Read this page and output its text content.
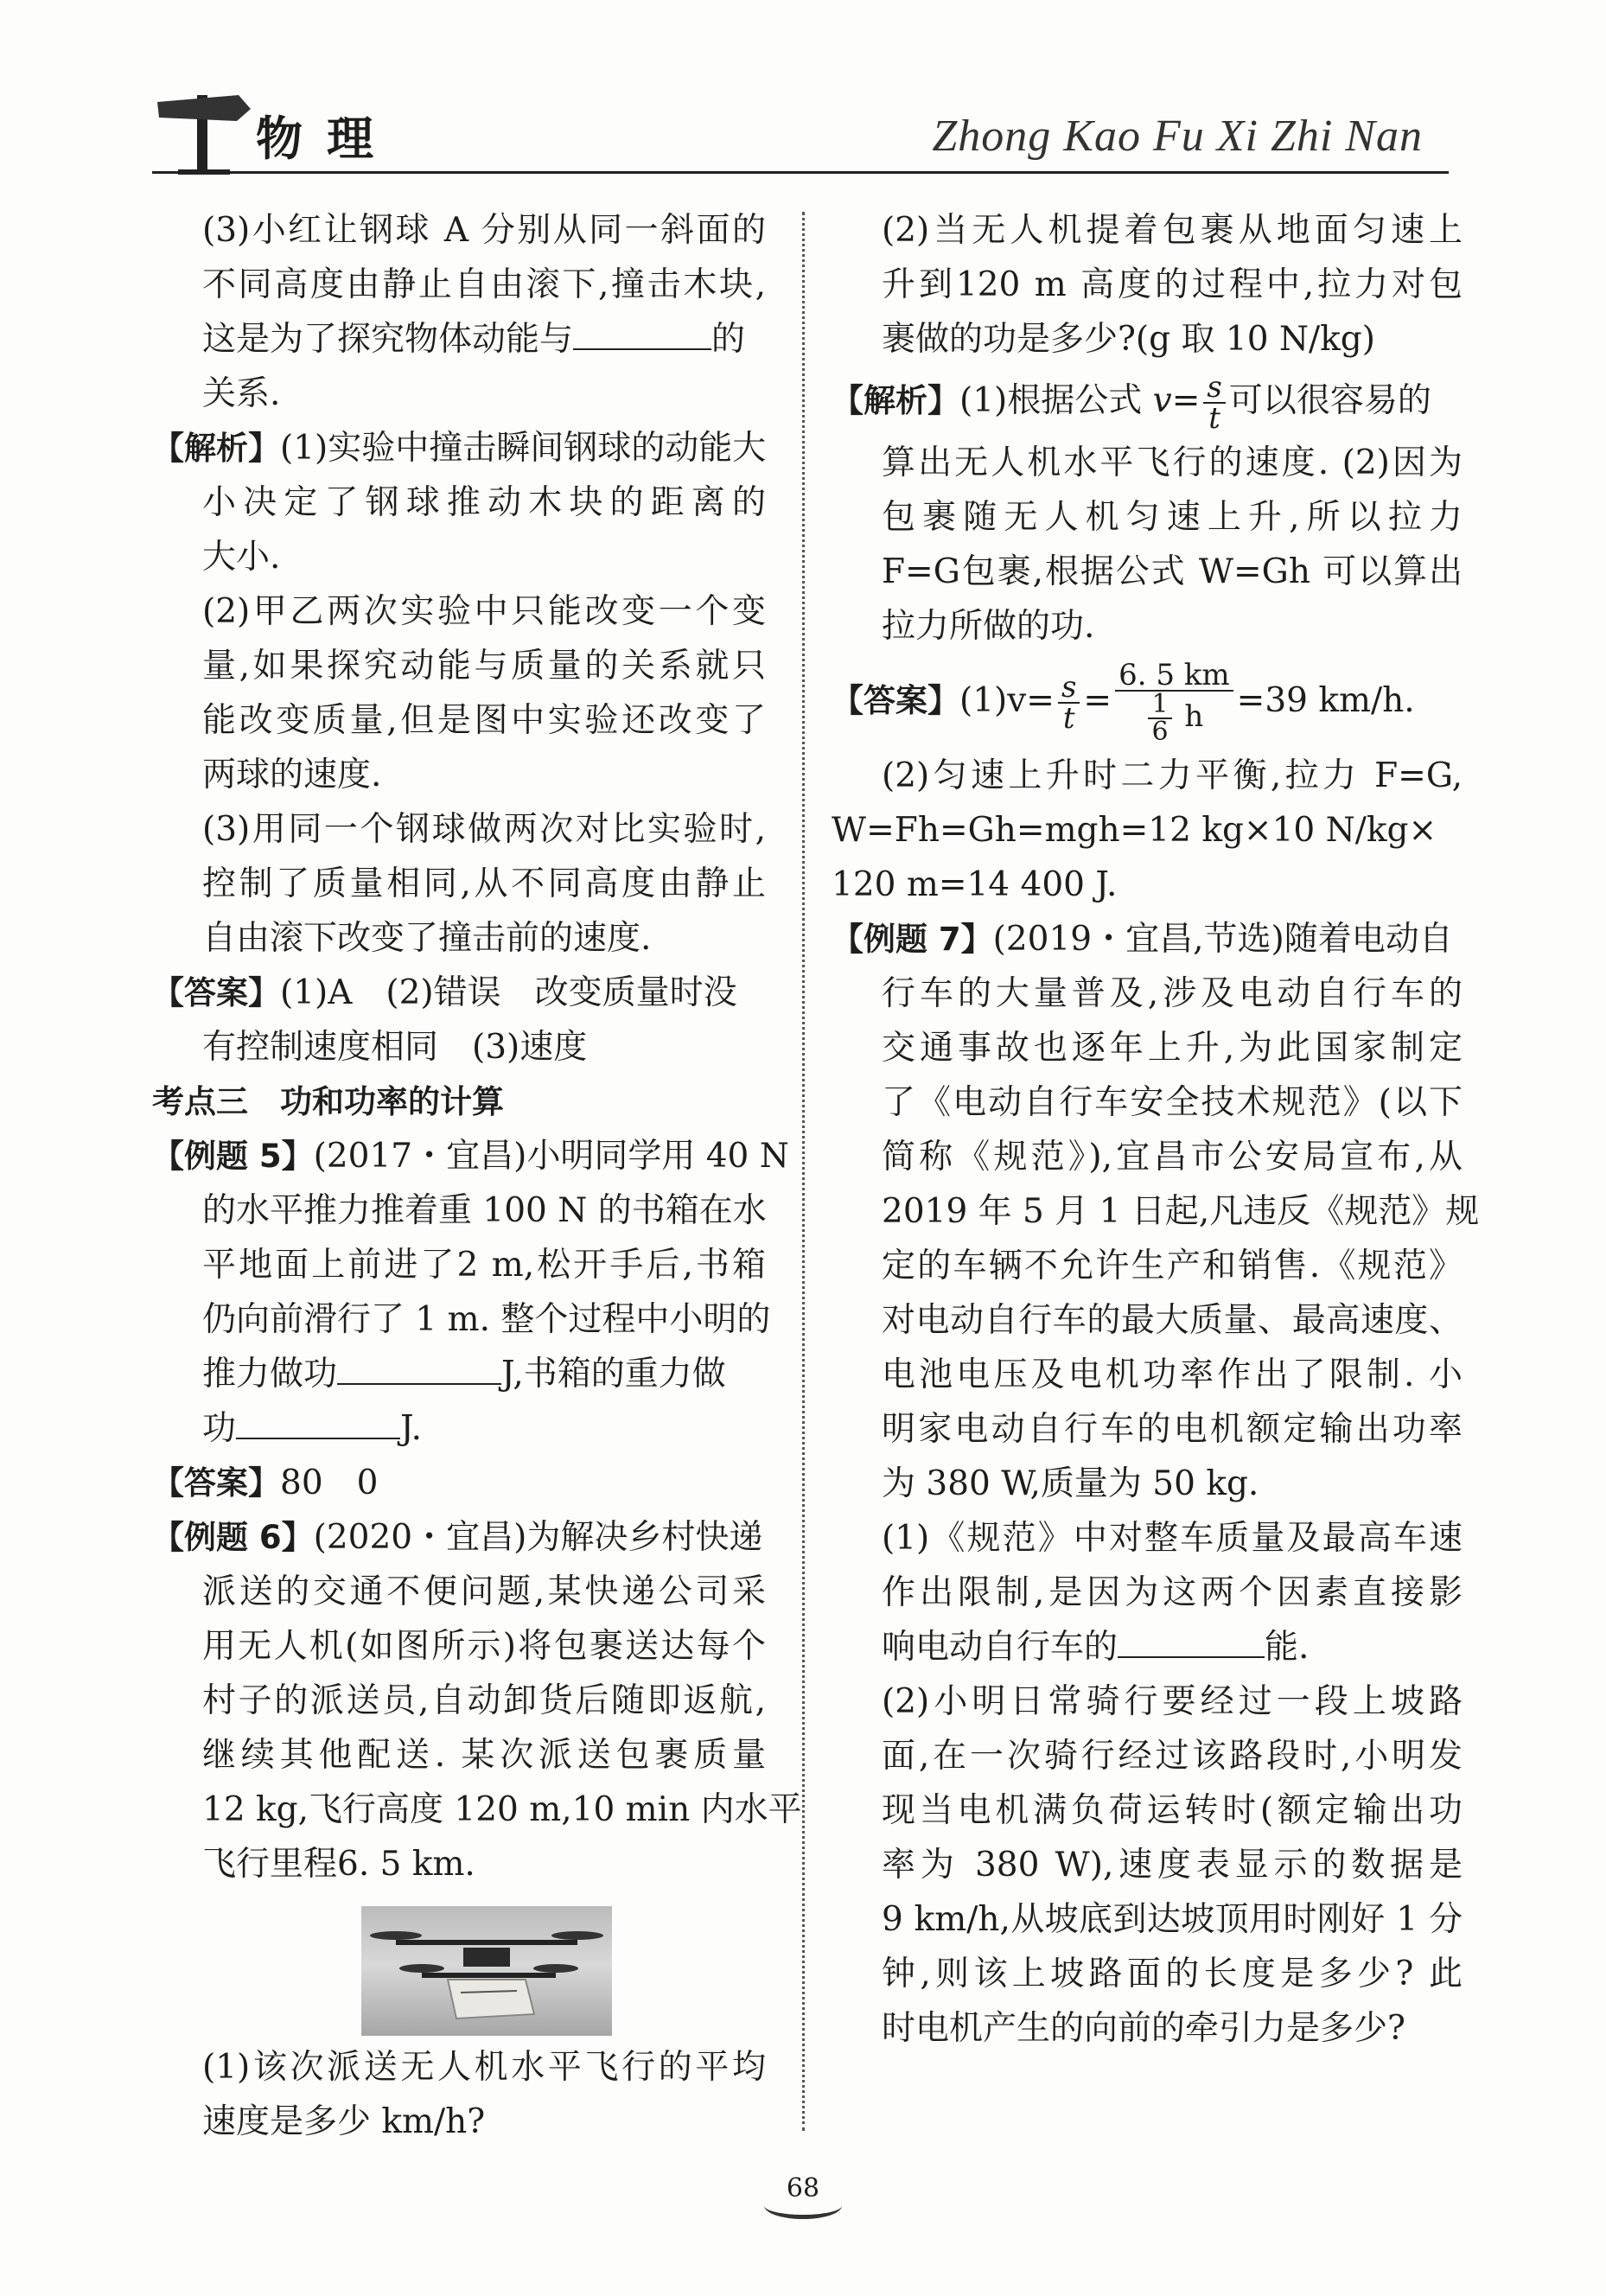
物理	Zhong Kao Fu Xi Zhi Nan
(3)小红让钢球 A 分别从同一斜面的
不同高度由静止自由滚下,撞击木块,
这是为了探究物体动能与	的
关系.
【解析】(1)实验中撞击瞬间钢球的动能大
小决定了钢球推动木块的距离的
大小.
(2)甲乙两次实验中只能改变一个变
量,如果探究动能与质量的关系就只
能改变质量,但是图中实验还改变了
两球的速度.
(3)用同一个钢球做两次对比实验时,
控制了质量相同,从不同高度由静止
自由滚下改变了撞击前的速度.
【答案】(1)A　(2)错误　改变质量时没
有控制速度相同　(3)速度
考点三　功和功率的计算
【例题 5】(2017・宜昌)小明同学用 40 N
的水平推力推着重 100 N 的书箱在水
平地面上前进了2 m,松开手后,书箱
仍向前滑行了 1 m. 整个过程中小明的
推力做功	J,书箱的重力做
功	J.
【答案】80　0
【例题 6】(2020・宜昌)为解决乡村快递
派送的交通不便问题,某快递公司采
用无人机(如图所示)将包裹送达每个
村子的派送员,自动卸货后随即返航,
继续其他配送. 某次派送包裹质量
12 kg,飞行高度 120 m,10 min 内水平
飞行里程6. 5 km.
(1)该次派送无人机水平飞行的平均
速度是多少 km/h?
(2)当无人机提着包裹从地面匀速上
升到120 m 高度的过程中,拉力对包
裹做的功是多少?(g 取 10 N/kg)
【解析】(1)根据公式 $v= \frac{s}{t}$ 可以很容易的
算出无人机水平飞行的速度. (2)因为
包裹随无人机匀速上升,所以拉力
F=G包裹,根据公式 W=Gh 可以算出
拉力所做的功.
【答案】$(1)v= \frac{s}{t} = \frac{6. 5 km}{\frac{1}{6} h} =39$ km/h.
(2)匀速上升时二力平衡,拉力 F=G,
W=Fh=Gh=mgh=12 kg×10 N/kg×
120 m=14 400 J.
【例题 7】(2019・宜昌,节选)随着电动自
行车的大量普及,涉及电动自行车的
交通事故也逐年上升,为此国家制定
了《电动自行车安全技术规范》(以下
简称《规范》),宜昌市公安局宣布,从
2019 年 5 月 1 日起,凡违反《规范》规
定的车辆不允许生产和销售.《规范》
对电动自行车的最大质量、最高速度、
电池电压及电机功率作出了限制. 小
明家电动自行车的电机额定输出功率
为 380 W,质量为 50 kg.
(1)《规范》中对整车质量及最高车速
作出限制,是因为这两个因素直接影
响电动自行车的	能.
(2)小明日常骑行要经过一段上坡路
面,在一次骑行经过该路段时,小明发
现当电机满负荷运转时(额定输出功
率为 380 W),速度表显示的数据是
9 km/h,从坡底到达坡顶用时刚好 1 分
钟,则该上坡路面的长度是多少? 此
时电机产生的向前的牵引力是多少?
68
